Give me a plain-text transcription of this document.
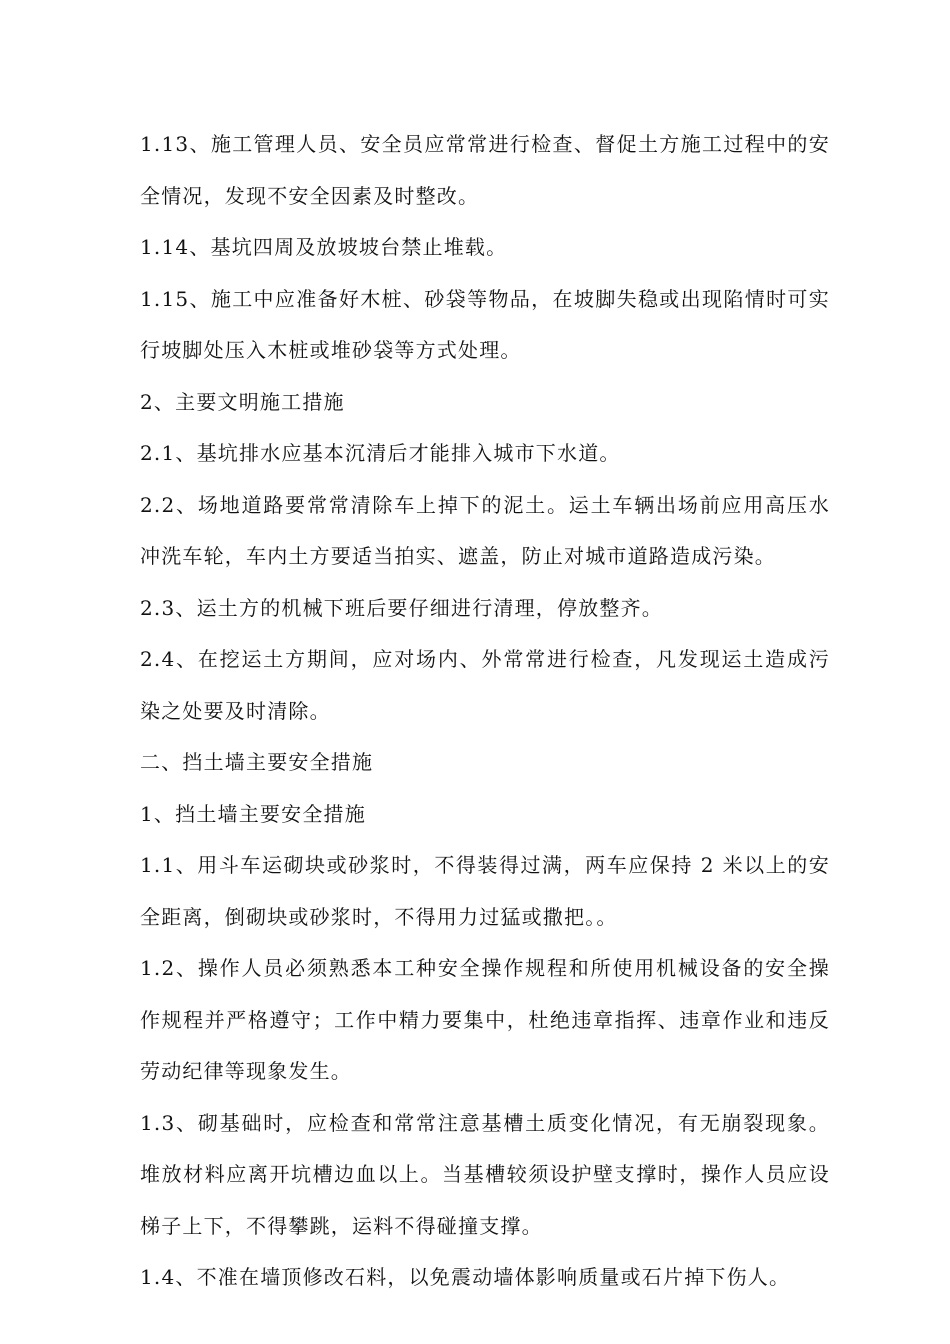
1.13、施工管理人员、安全员应常常进行检查、督促土方施工过程中的安全情况，发现不安全因素及时整改。

1.14、基坑四周及放坡坡台禁止堆载。

1.15、施工中应准备好木桩、砂袋等物品，在坡脚失稳或出现陷情时可实行坡脚处压入木桩或堆砂袋等方式处理。

2、主要文明施工措施

2.1、基坑排水应基本沉清后才能排入城市下水道。

2.2、场地道路要常常清除车上掉下的泥土。运土车辆出场前应用高压水冲洗车轮，车内土方要适当拍实、遮盖，防止对城市道路造成污染。

2.3、运土方的机械下班后要仔细进行清理，停放整齐。

2.4、在挖运土方期间，应对场内、外常常进行检查，凡发现运土造成污染之处要及时清除。

二、挡土墙主要安全措施

1、挡土墙主要安全措施

1.1、用斗车运砌块或砂浆时，不得装得过满，两车应保持 2 米以上的安全距离，倒砌块或砂浆时，不得用力过猛或撒把。。

1.2、操作人员必须熟悉本工种安全操作规程和所使用机械设备的安全操作规程并严格遵守；工作中精力要集中，杜绝违章指挥、违章作业和违反劳动纪律等现象发生。

1.3、砌基础时，应检查和常常注意基槽土质变化情况，有无崩裂现象。堆放材料应离开坑槽边血以上。当基槽较须设护壁支撑时，操作人员应设梯子上下，不得攀跳，运料不得碰撞支撑。

1.4、不准在墙顶修改石料，以免震动墙体影响质量或石片掉下伤人。
